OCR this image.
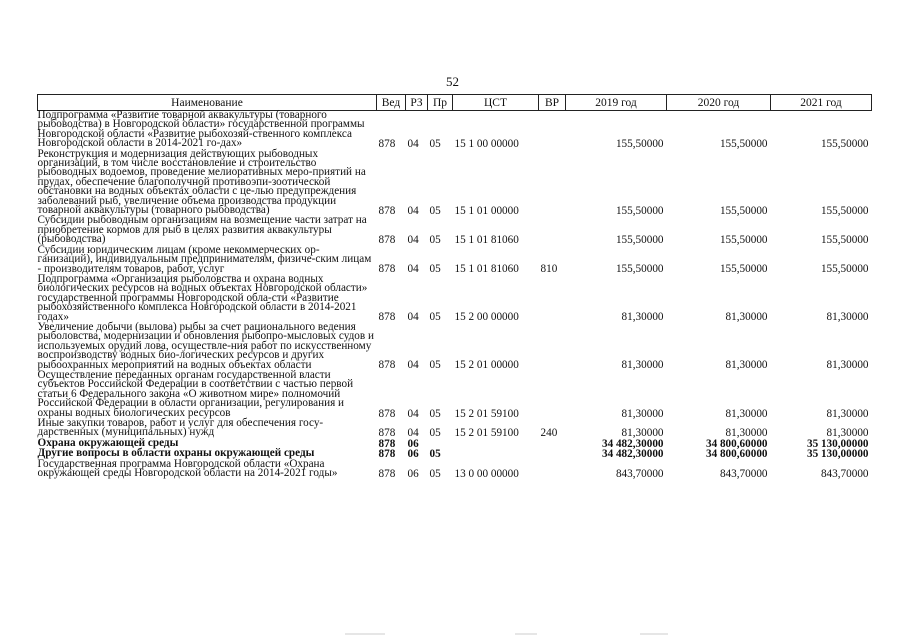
52
Наименование	Вед	РЗ	Пр	ЦСТ	ВР	2019 год	2020 год	2021 год
Подпрограмма «Развитие товарной аквакультуры (товарного рыбоводства) в Новгородской области» государственной программы Новгородской области «Развитие рыбохозяй-ственного комплекса Новгородской области в 2014-2021 го-дах»	878	04	05	15 1 00 00000		155,50000	155,50000	155,50000
Реконструкция и модернизация действующих рыбоводных организаций, в том числе восстановление и строительство рыбоводных водоемов, проведение мелиоративных меро-приятий на прудах, обеспечение благополучной противоэпи-зоотической обстановки на водных объектах области с це-лью предупреждения заболеваний рыб, увеличение объема производства продукции товарной аквакультуры (товарного рыбоводства)	878	04	05	15 1 01 00000		155,50000	155,50000	155,50000
Субсидии рыбоводным организациям на возмещение части затрат на приобретение кормов для рыб в целях развития аквакультуры (рыбоводства)	878	04	05	15 1 01 81060		155,50000	155,50000	155,50000
Субсидии юридическим лицам (кроме некоммерческих ор-ганизаций), индивидуальным предпринимателям, физиче-ским лицам - производителям товаров, работ, услуг	878	04	05	15 1 01 81060	810	155,50000	155,50000	155,50000
Подпрограмма «Организация рыболовства и охрана водных биологических ресурсов на водных объектах Новгородской области» государственной программы Новгородской обла-сти «Развитие рыбохозяйственного комплекса Новгородской области в 2014-2021 годах»	878	04	05	15 2 00 00000		81,30000	81,30000	81,30000
Увеличение добычи (вылова) рыбы за счет рационального ведения рыболовства, модернизации и обновления рыбопро-мысловых судов и используемых орудий лова, осуществле-ния работ по искусственному воспроизводству водных био-логических ресурсов и других рыбоохранных мероприятий на водных объектах области	878	04	05	15 2 01 00000		81,30000	81,30000	81,30000
Осуществление переданных органам государственной власти субъектов Российской Федерации в соответствии с частью первой статьи 6 Федерального закона «О животном мире» полномочий Российской Федерации в области организации, регулирования и охраны водных биологических ресурсов	878	04	05	15 2 01 59100		81,30000	81,30000	81,30000
Иные закупки товаров, работ и услуг для обеспечения госу-дарственных (муниципальных) нужд	878	04	05	15 2 01 59100	240	81,30000	81,30000	81,30000
Охрана окружающей среды	878	06				34 482,30000	34 800,60000	35 130,00000
Другие вопросы в области охраны окружающей среды	878	06	05			34 482,30000	34 800,60000	35 130,00000
Государственная программа Новгородской области «Охрана окружающей среды Новгородской области на 2014-2021 годы»	878	06	05	13 0 00 00000		843,70000	843,70000	843,70000
